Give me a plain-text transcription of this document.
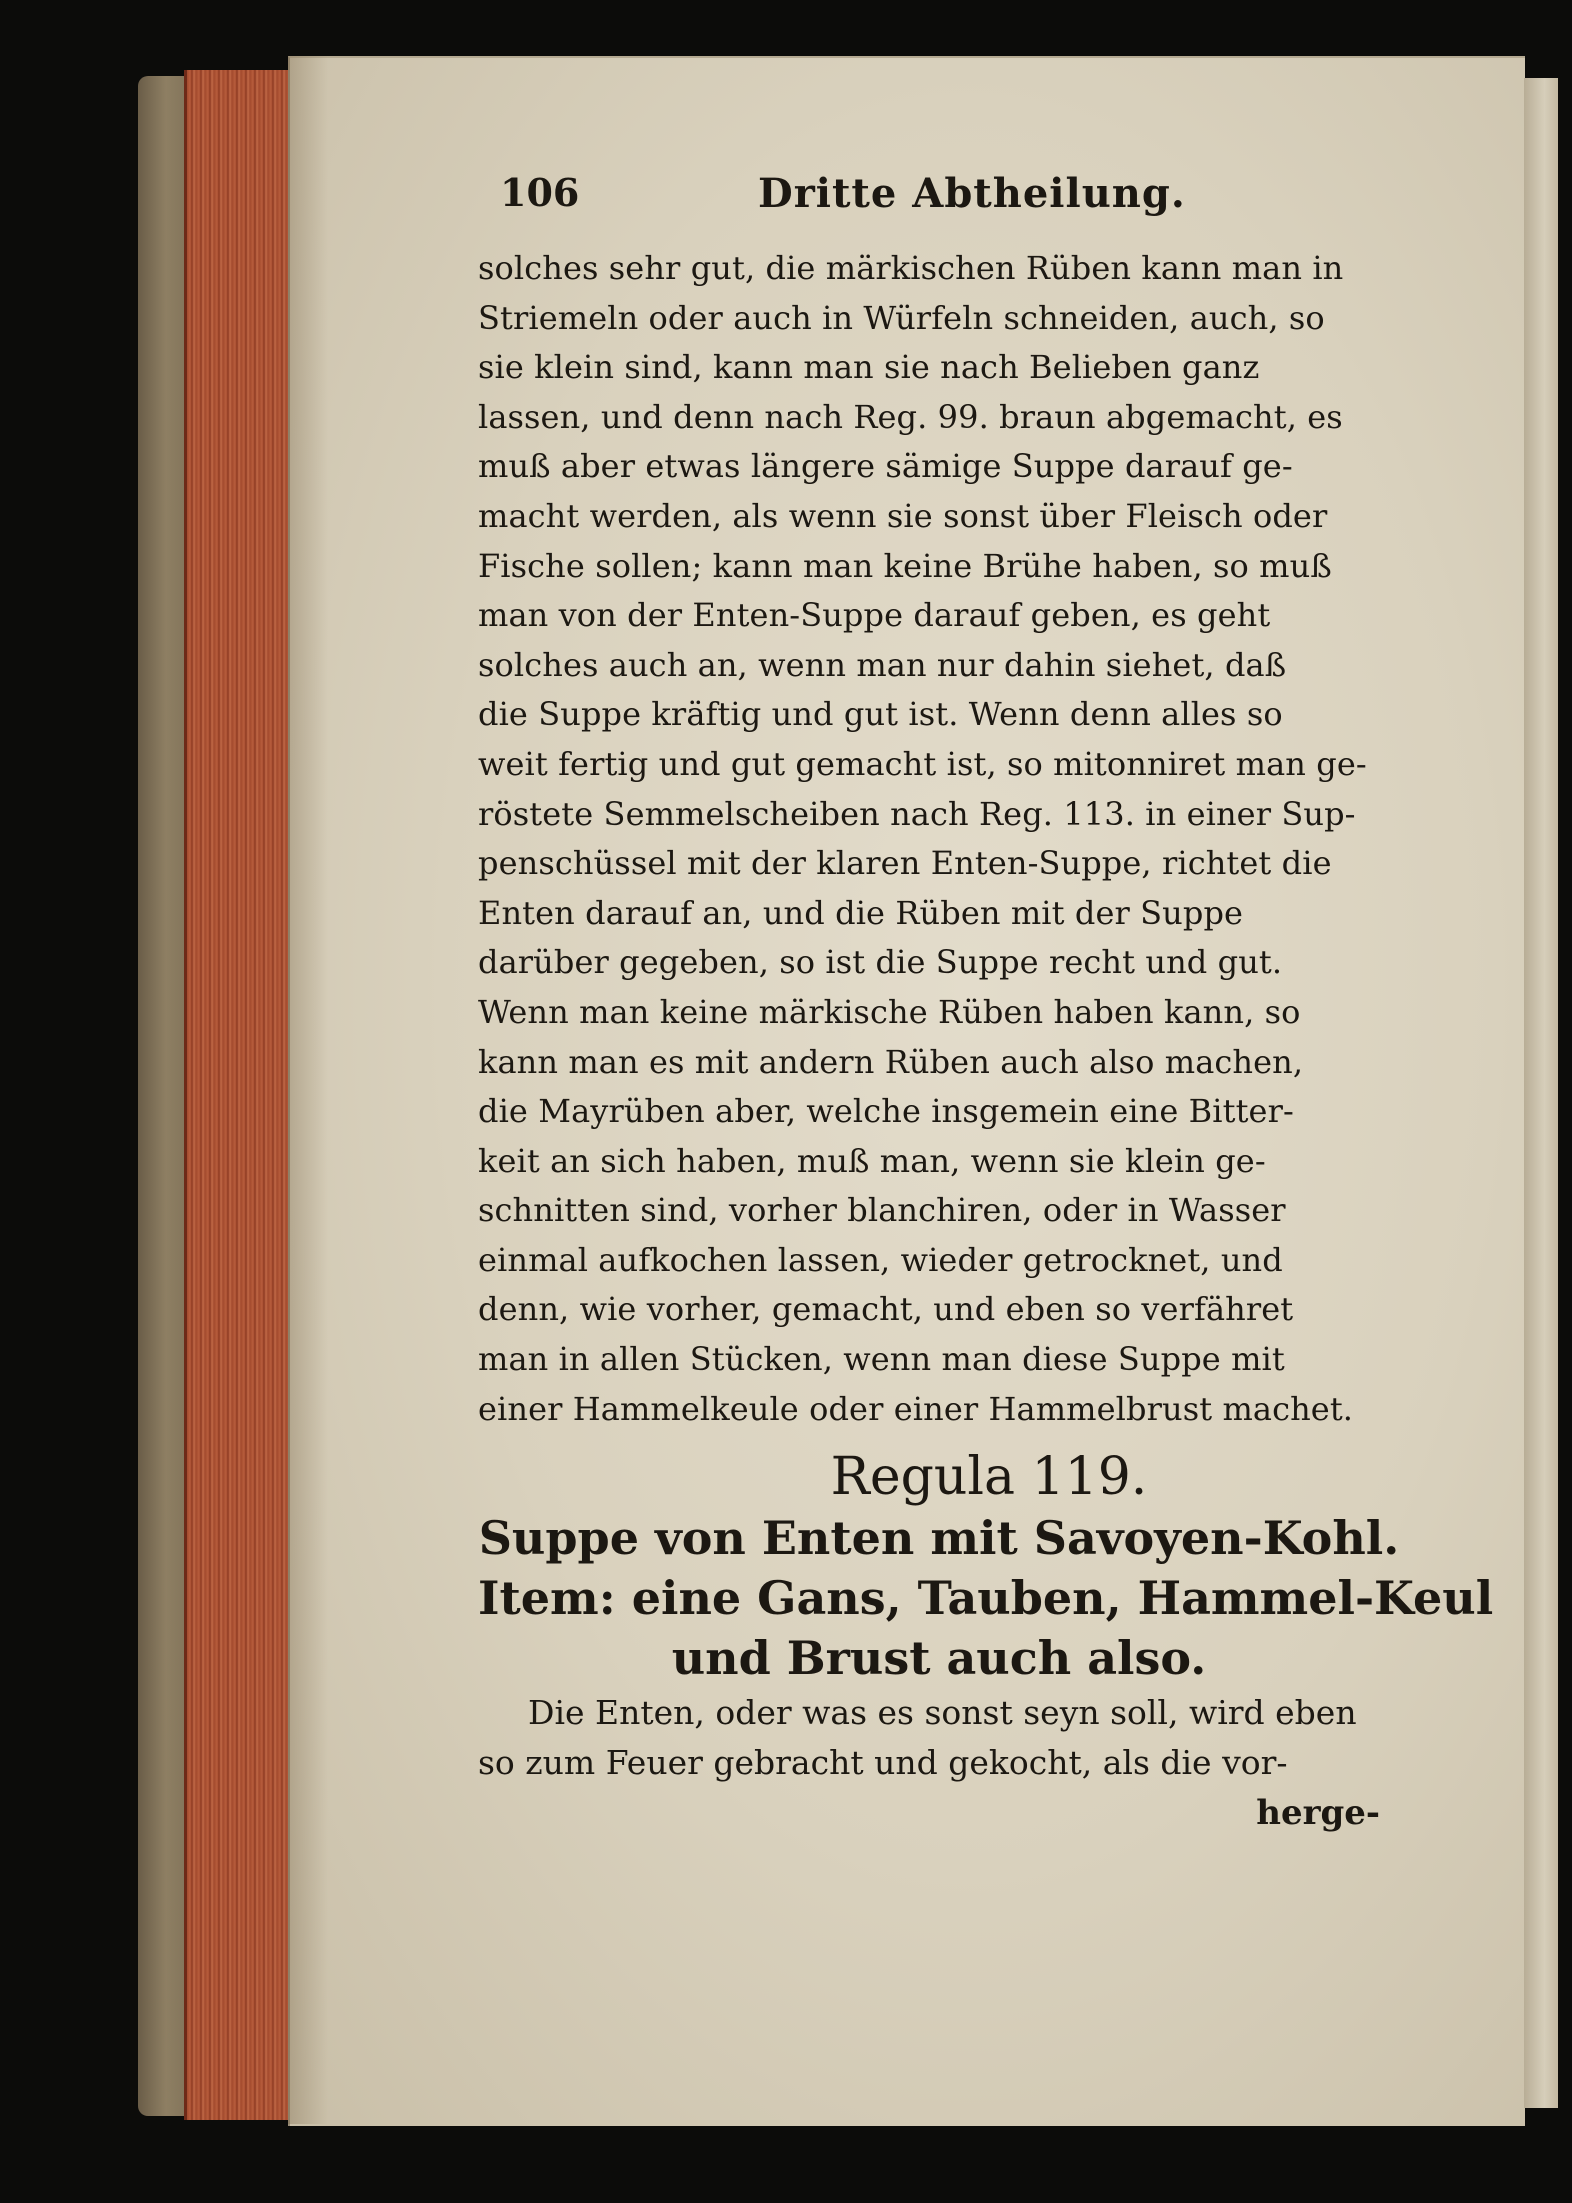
106	Dritte Abtheilung.
solches sehr gut, die märkischen Rüben kann man in
Striemeln oder auch in Würfeln schneiden, auch, so
sie klein sind, kann man sie nach Belieben ganz
lassen, und denn nach Reg. 99. braun abgemacht, es
muß aber etwas längere sämige Suppe darauf ge-
macht werden, als wenn sie sonst über Fleisch oder
Fische sollen; kann man keine Brühe haben, so muß
man von der Enten-Suppe darauf geben, es geht
solches auch an, wenn man nur dahin siehet, daß
die Suppe kräftig und gut ist. Wenn denn alles so
weit fertig und gut gemacht ist, so mitonniret man ge-
röstete Semmelscheiben nach Reg. 113. in einer Sup-
penschüssel mit der klaren Enten-Suppe, richtet die
Enten darauf an, und die Rüben mit der Suppe
darüber gegeben, so ist die Suppe recht und gut.
Wenn man keine märkische Rüben haben kann, so
kann man es mit andern Rüben auch also machen,
die Mayrüben aber, welche insgemein eine Bitter-
keit an sich haben, muß man, wenn sie klein ge-
schnitten sind, vorher blanchiren, oder in Wasser
einmal aufkochen lassen, wieder getrocknet, und
denn, wie vorher, gemacht, und eben so verfähret
man in allen Stücken, wenn man diese Suppe mit
einer Hammelkeule oder einer Hammelbrust machet.
Regula 119.
Suppe von Enten mit Savoyen-Kohl.
Item: eine Gans, Tauben, Hammel-Keul
und Brust auch also.
Die Enten, oder was es sonst seyn soll, wird eben
so zum Feuer gebracht und gekocht, als die vor-
herge-
